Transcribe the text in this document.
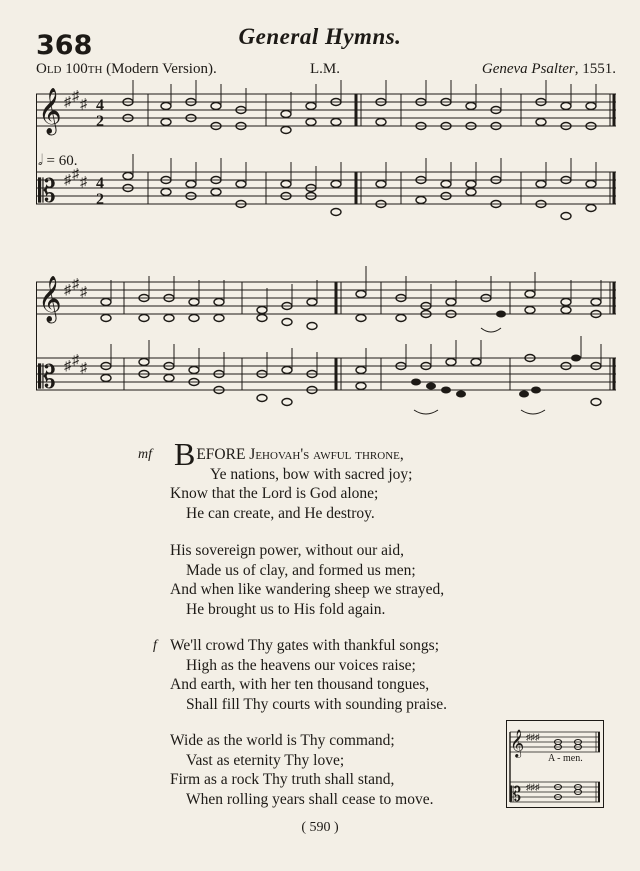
368	General Hymns.
Old 100th (Modern Version).	L.M.	Geneva Psalter, 1551.
𝄞
𝄡
♯ ♯
♯
♯ ♯
♯
4
2
4
2
𝅗𝅥 = 60.
𝄞
𝄡
♯ ♯
♯
♯ ♯
♯
mf BEFORE Jehovah's awful throne,
Ye nations, bow with sacred joy;
Know that the Lord is God alone;
He can create, and He destroy.
His sovereign power, without our aid,
Made us of clay, and formed us men;
And when like wandering sheep we strayed,
He brought us to His fold again.
f We'll crowd Thy gates with thankful songs;
High as the heavens our voices raise;
And earth, with her ten thousand tongues,
Shall fill Thy courts with sounding praise.
Wide as the world is Thy command;
Vast as eternity Thy love;
Firm as a rock Thy truth shall stand,
When rolling years shall cease to move.
𝄞
𝄡
♯♯♯
♯♯♯
A - men.
( 590 )
